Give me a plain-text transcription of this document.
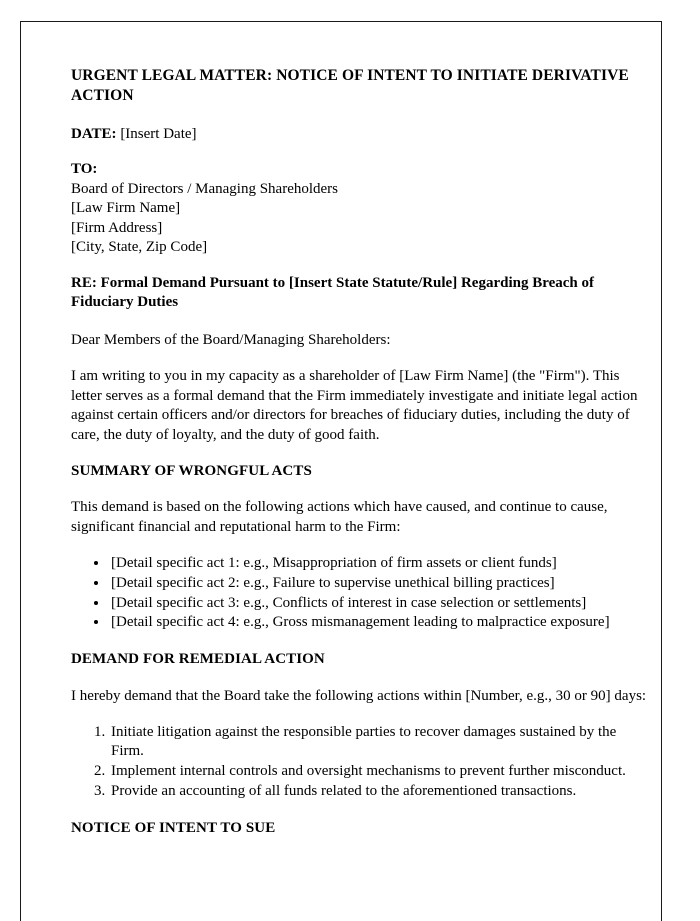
URGENT LEGAL MATTER: NOTICE OF INTENT TO INITIATE DERIVATIVE ACTION

DATE: [Insert Date]

TO:

Board of Directors / Managing Shareholders

[Law Firm Name]

[Firm Address]

[City, State, Zip Code]

RE: Formal Demand Pursuant to [Insert State Statute/Rule] Regarding Breach of Fiduciary Duties

Dear Members of the Board/Managing Shareholders:

I am writing to you in my capacity as a shareholder of [Law Firm Name] (the "Firm"). This letter serves as a formal demand that the Firm immediately investigate and initiate legal action against certain officers and/or directors for breaches of fiduciary duties, including the duty of care, the duty of loyalty, and the duty of good faith.

SUMMARY OF WRONGFUL ACTS

This demand is based on the following actions which have caused, and continue to cause, significant financial and reputational harm to the Firm:

• [Detail specific act 1: e.g., Misappropriation of firm assets or client funds]
• [Detail specific act 2: e.g., Failure to supervise unethical billing practices]
• [Detail specific act 3: e.g., Conflicts of interest in case selection or settlements]
• [Detail specific act 4: e.g., Gross mismanagement leading to malpractice exposure]
DEMAND FOR REMEDIAL ACTION

I hereby demand that the Board take the following actions within [Number, e.g., 30 or 90] days:

1. Initiate litigation against the responsible parties to recover damages sustained by the Firm.
2. Implement internal controls and oversight mechanisms to prevent further misconduct.
3. Provide an accounting of all funds related to the aforementioned transactions.
NOTICE OF INTENT TO SUE
